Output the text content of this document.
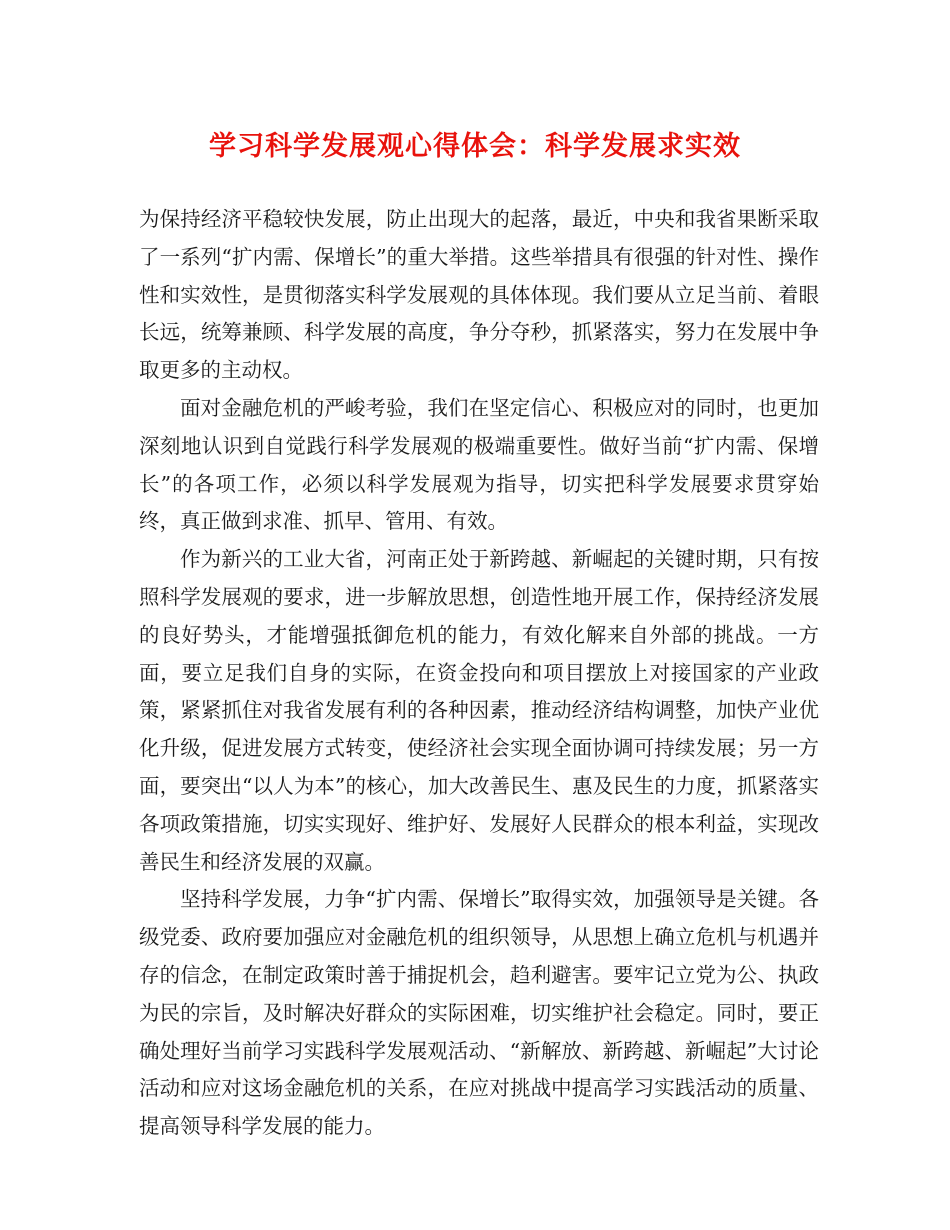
学习科学发展观心得体会：科学发展求实效

为保持经济平稳较快发展，防止出现大的起落，最近，中央和我省果断采取了一系列“扩内需、保增长”的重大举措。这些举措具有很强的针对性、操作性和实效性，是贯彻落实科学发展观的具体体现。我们要从立足当前、着眼长远，统筹兼顾、科学发展的高度，争分夺秒，抓紧落实，努力在发展中争取更多的主动权。

面对金融危机的严峻考验，我们在坚定信心、积极应对的同时，也更加深刻地认识到自觉践行科学发展观的极端重要性。做好当前“扩内需、保增长”的各项工作，必须以科学发展观为指导，切实把科学发展要求贯穿始终，真正做到求准、抓早、管用、有效。

作为新兴的工业大省，河南正处于新跨越、新崛起的关键时期，只有按照科学发展观的要求，进一步解放思想，创造性地开展工作，保持经济发展的良好势头，才能增强抵御危机的能力，有效化解来自外部的挑战。一方面，要立足我们自身的实际，在资金投向和项目摆放上对接国家的产业政策，紧紧抓住对我省发展有利的各种因素，推动经济结构调整，加快产业优化升级，促进发展方式转变，使经济社会实现全面协调可持续发展；另一方面，要突出“以人为本”的核心，加大改善民生、惠及民生的力度，抓紧落实各项政策措施，切实实现好、维护好、发展好人民群众的根本利益，实现改善民生和经济发展的双赢。

坚持科学发展，力争“扩内需、保增长”取得实效，加强领导是关键。各级党委、政府要加强应对金融危机的组织领导，从思想上确立危机与机遇并存的信念，在制定政策时善于捕捉机会，趋利避害。要牢记立党为公、执政为民的宗旨，及时解决好群众的实际困难，切实维护社会稳定。同时，要正确处理好当前学习实践科学发展观活动、“新解放、新跨越、新崛起”大讨论活动和应对这场金融危机的关系，在应对挑战中提高学习实践活动的质量、提高领导科学发展的能力。
